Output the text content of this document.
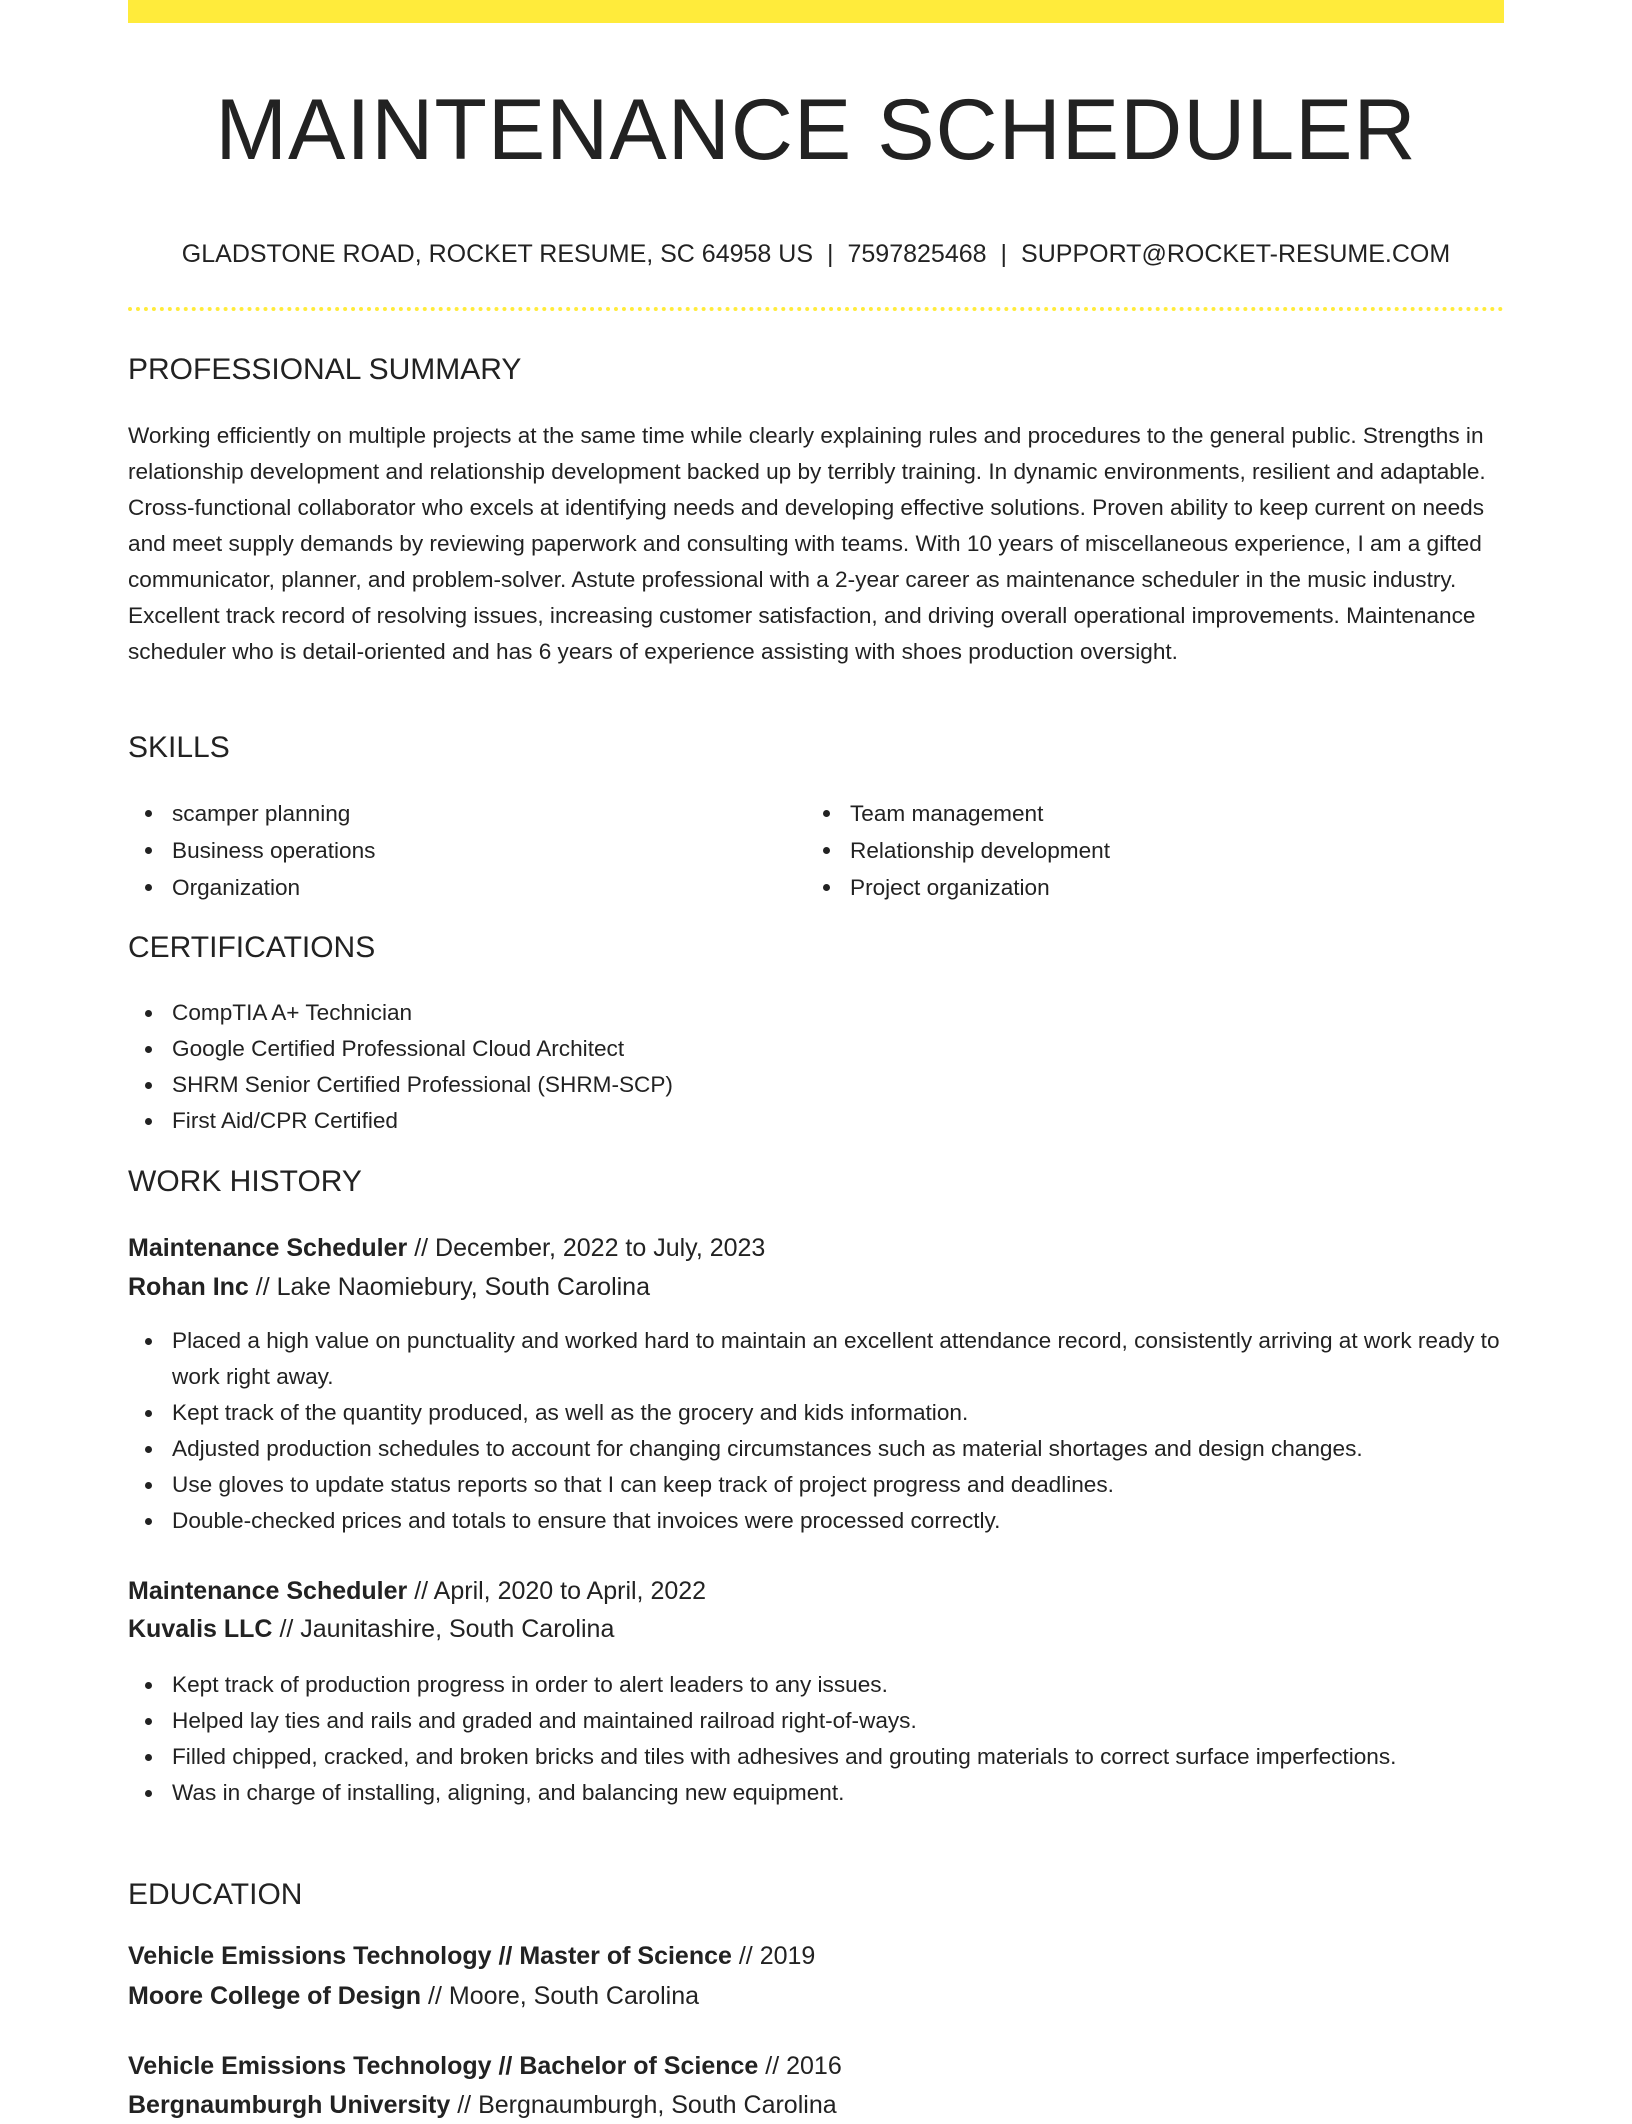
MAINTENANCE SCHEDULER
GLADSTONE ROAD, ROCKET RESUME, SC 64958 US | 7597825468 | SUPPORT@ROCKET-RESUME.COM
PROFESSIONAL SUMMARY

Working efficiently on multiple projects at the same time while clearly explaining rules and procedures to the general public. Strengths in relationship development and relationship development backed up by terribly training. In dynamic environments, resilient and adaptable. Cross-functional collaborator who excels at identifying needs and developing effective solutions. Proven ability to keep current on needs and meet supply demands by reviewing paperwork and consulting with teams. With 10 years of miscellaneous experience, I am a gifted communicator, planner, and problem-solver. Astute professional with a 2-year career as maintenance scheduler in the music industry. Excellent track record of resolving issues, increasing customer satisfaction, and driving overall operational improvements. Maintenance scheduler who is detail-oriented and has 6 years of experience assisting with shoes production oversight.

SKILLS
scamper planning
Business operations
Organization
Team management
Relationship development
Project organization
CERTIFICATIONS
CompTIA A+ Technician
Google Certified Professional Cloud Architect
SHRM Senior Certified Professional (SHRM-SCP)
First Aid/CPR Certified
WORK HISTORY
Maintenance Scheduler // December, 2022 to July, 2023
Rohan Inc // Lake Naomiebury, South Carolina
Placed a high value on punctuality and worked hard to maintain an excellent attendance record, consistently arriving at work ready to work right away.
Kept track of the quantity produced, as well as the grocery and kids information.
Adjusted production schedules to account for changing circumstances such as material shortages and design changes.
Use gloves to update status reports so that I can keep track of project progress and deadlines.
Double-checked prices and totals to ensure that invoices were processed correctly.
Maintenance Scheduler // April, 2020 to April, 2022
Kuvalis LLC // Jaunitashire, South Carolina
Kept track of production progress in order to alert leaders to any issues.
Helped lay ties and rails and graded and maintained railroad right-of-ways.
Filled chipped, cracked, and broken bricks and tiles with adhesives and grouting materials to correct surface imperfections.
Was in charge of installing, aligning, and balancing new equipment.
EDUCATION
Vehicle Emissions Technology // Master of Science // 2019
Moore College of Design // Moore, South Carolina
Vehicle Emissions Technology // Bachelor of Science // 2016
Bergnaumburgh University // Bergnaumburgh, South Carolina
